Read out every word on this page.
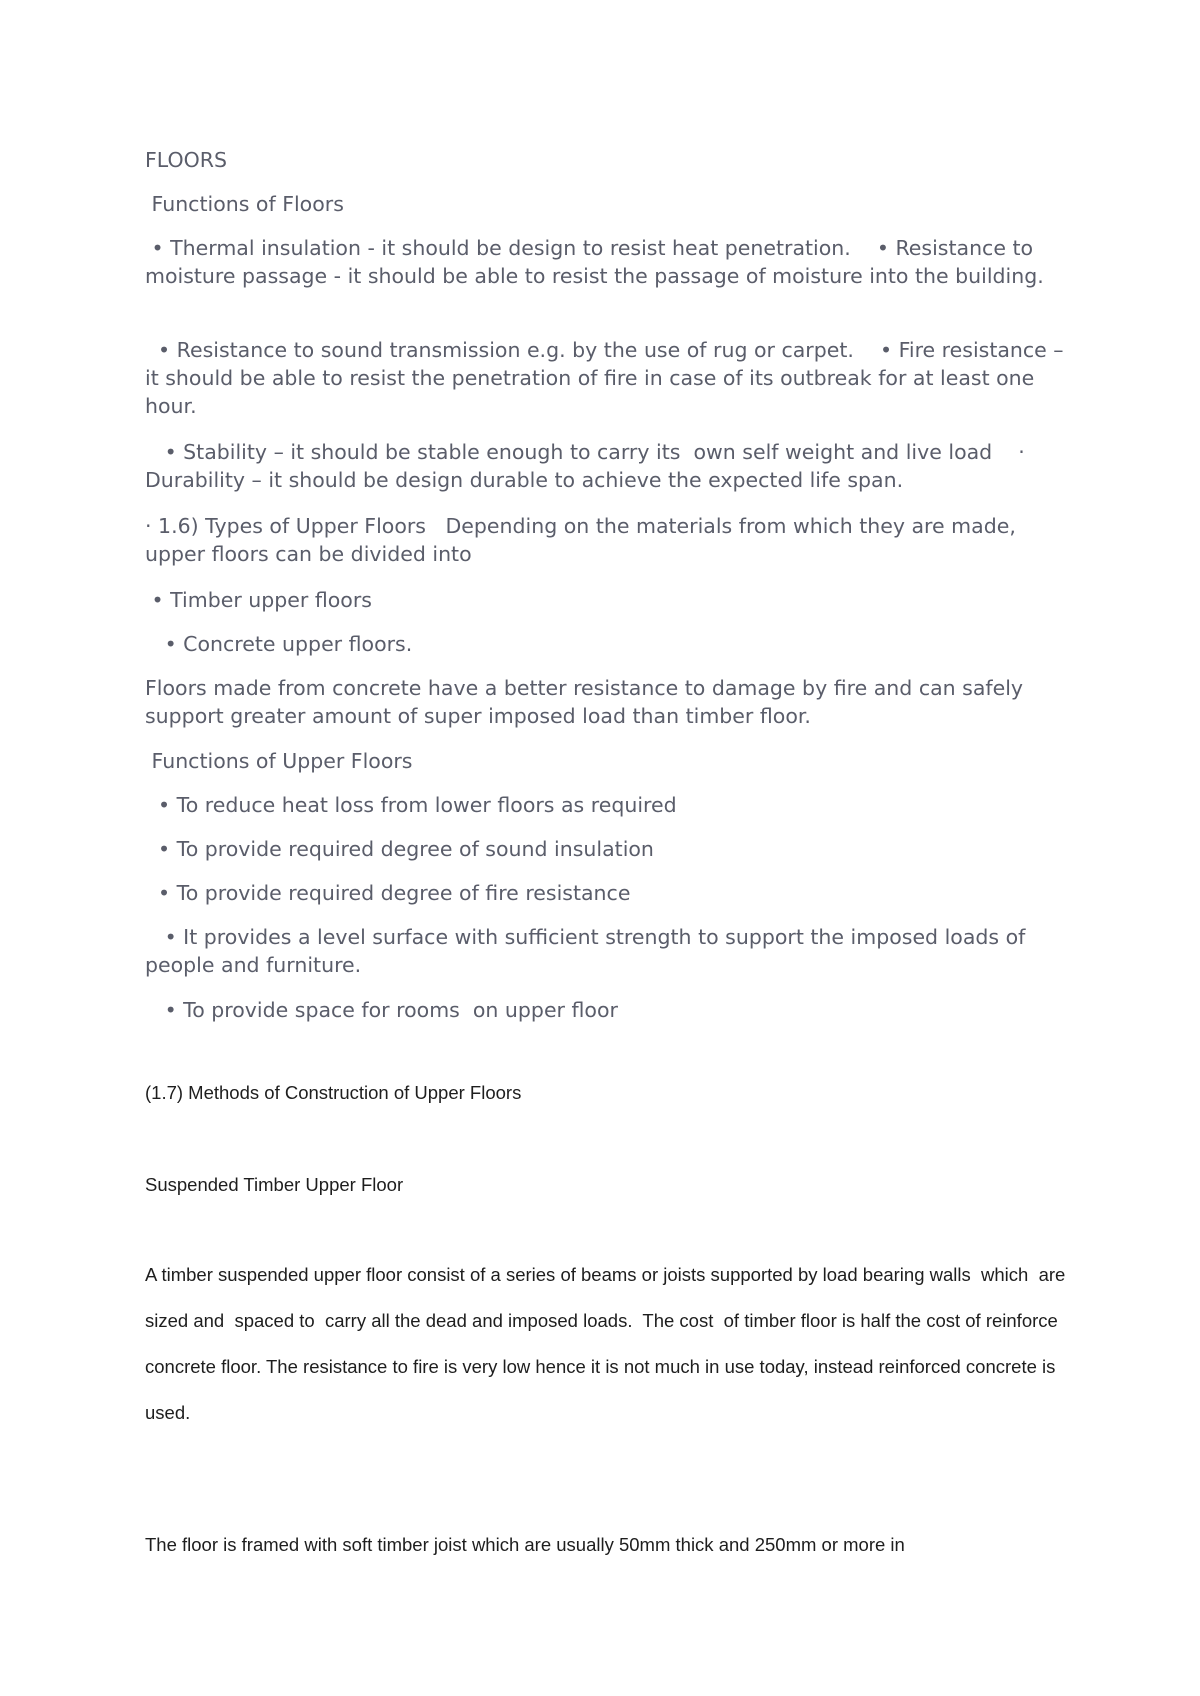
FLOORS

Functions of Floors

• Thermal insulation - it should be design to resist heat penetration.    • Resistance to moisture passage - it should be able to resist the passage of moisture into the building.

• Resistance to sound transmission e.g. by the use of rug or carpet.    • Fire resistance – it should be able to resist the penetration of fire in case of its outbreak for at least one hour.

• Stability – it should be stable enough to carry its  own self weight and live load    · Durability – it should be design durable to achieve the expected life span.

· 1.6) Types of Upper Floors   Depending on the materials from which they are made, upper floors can be divided into

• Timber upper floors

• Concrete upper floors.

Floors made from concrete have a better resistance to damage by fire and can safely support greater amount of super imposed load than timber floor.

Functions of Upper Floors

• To reduce heat loss from lower floors as required

• To provide required degree of sound insulation

• To provide required degree of fire resistance

• It provides a level surface with sufficient strength to support the imposed loads of people and furniture.

• To provide space for rooms  on upper floor

(1.7) Methods of Construction of Upper Floors

Suspended Timber Upper Floor

A timber suspended upper floor consist of a series of beams or joists supported by load bearing walls  which  are sized and  spaced to  carry all the dead and imposed loads.  The cost  of timber floor is half the cost of reinforce concrete floor. The resistance to fire is very low hence it is not much in use today, instead reinforced concrete is used.

The floor is framed with soft timber joist which are usually 50mm thick and 250mm or more in
